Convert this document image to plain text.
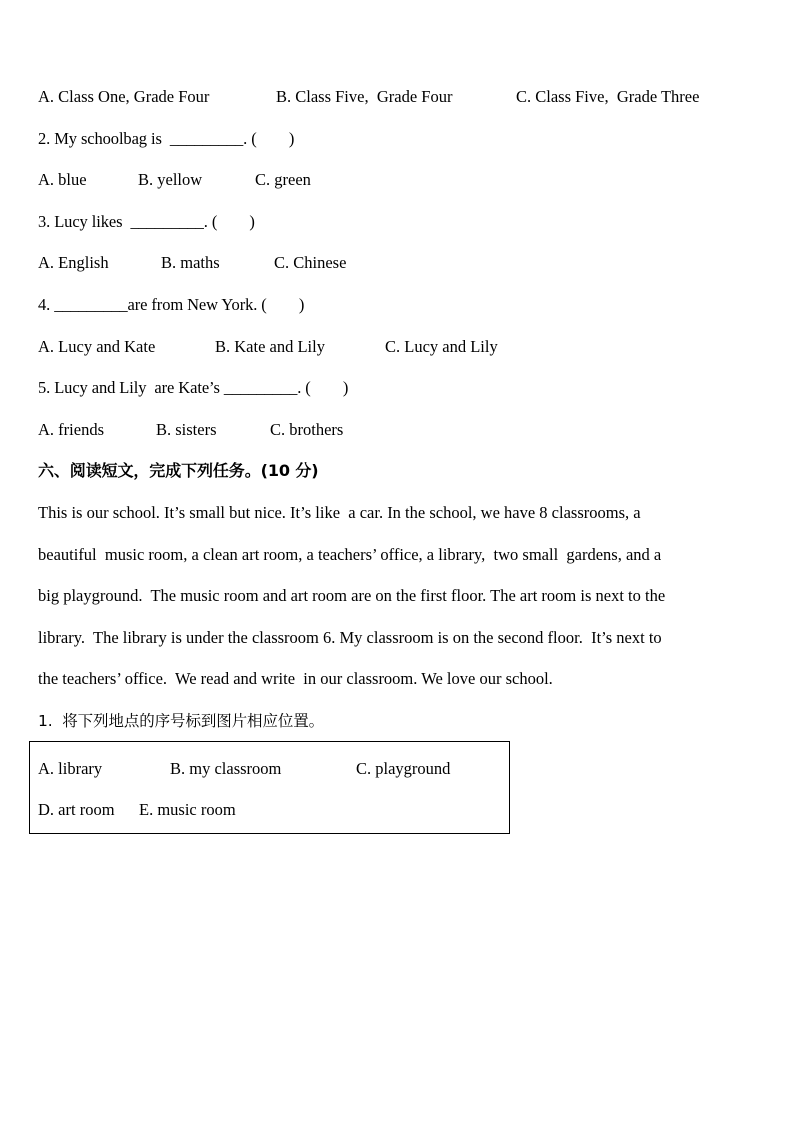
A. Class One, Grade Four	B. Class Five,  Grade Four	C. Class Five,  Grade Three
2. My schoolbag is  _________. (        )
A. blue	B. yellow	C. green
3. Lucy likes  _________. (        )
A. English	B. maths	C. Chinese
4. _________are from New York. (        )
A. Lucy and Kate	B. Kate and Lily	C. Lucy and Lily
5. Lucy and Lily  are Kate’s _________. (        )
A. friends	B. sisters	C. brothers
六、阅读短文，完成下列任务。(10 分)
This is our school. It’s small but nice. It’s like  a car. In the school, we have 8 classrooms, a
beautiful  music room, a clean art room, a teachers’ office, a library,  two small  gardens, and a
big playground.  The music room and art room are on the first floor. The art room is next to the
library.  The library is under the classroom 6. My classroom is on the second floor.  It’s next to
the teachers’ office.  We read and write  in our classroom. We love our school.
1.  将下列地点的序号标到图片相应位置。
A. library	B. my classroom	C. playground
D. art room E. music room
